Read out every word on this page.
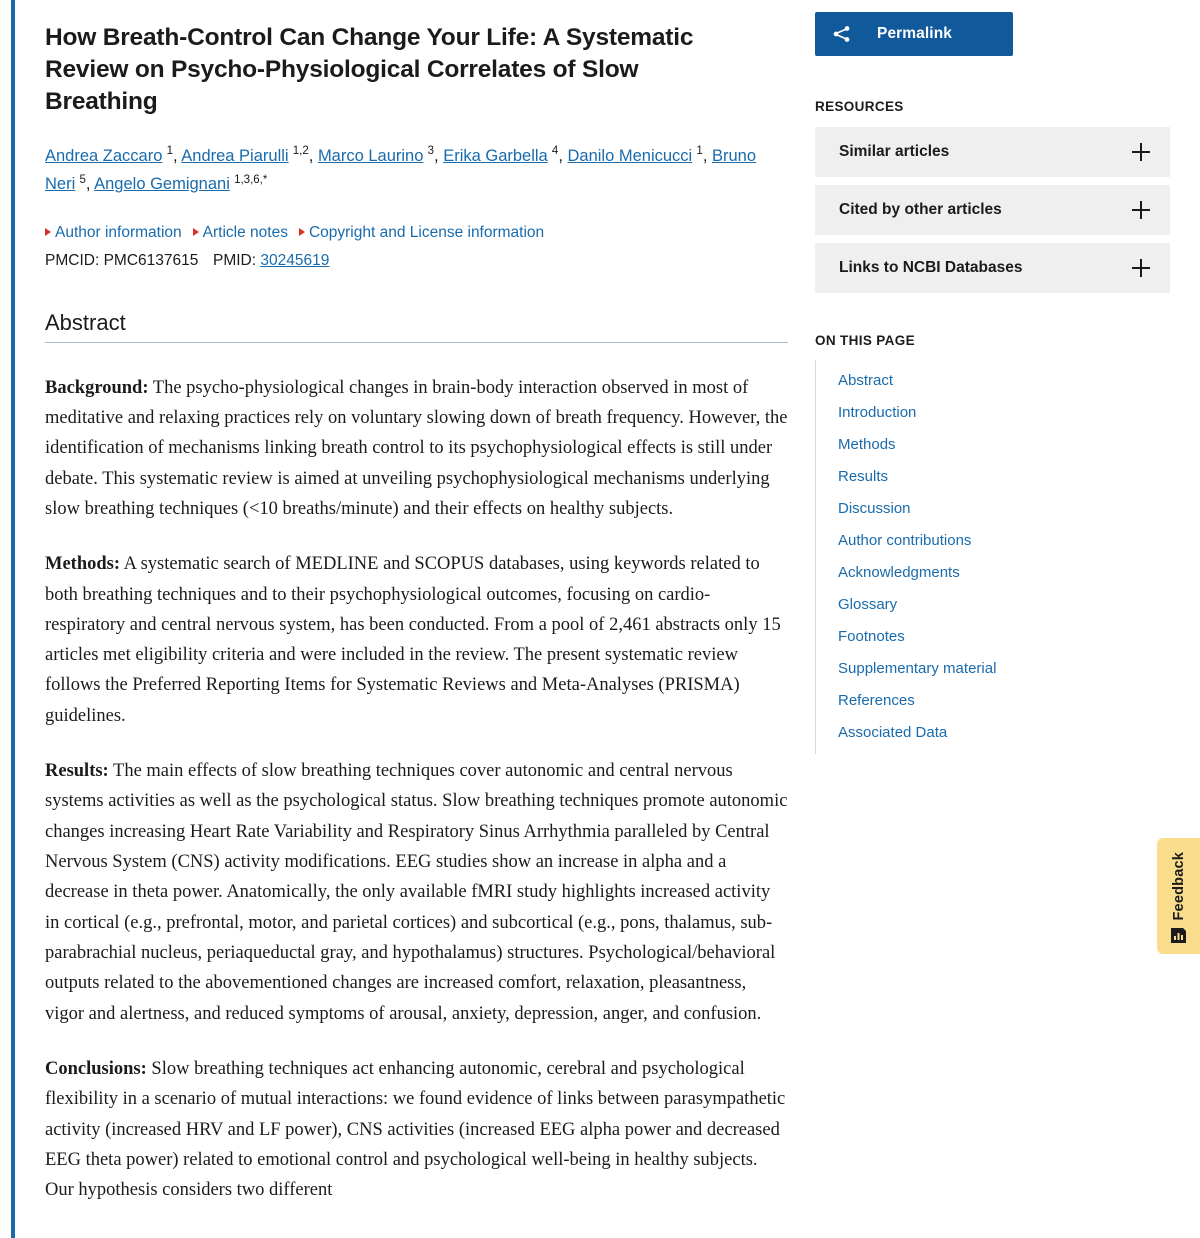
How Breath-Control Can Change Your Life: A Systematic Review on Psycho-Physiological Correlates of Slow Breathing
Andrea Zaccaro $^1$, Andrea Piarulli $^{1,2}$, Marco Laurino $^3$, Erika Garbella $^4$, Danilo Menicucci $^1$, Bruno Neri $^5$, Angelo Gemignani $^{1,3,6,*}$
Author information Article notes Copyright and License information
PMCID: PMC6137615 PMID: 30245619
Abstract

Background: The psycho-physiological changes in brain-body interaction observed in most of meditative and relaxing practices rely on voluntary slowing down of breath frequency. However, the identification of mechanisms linking breath control to its psychophysiological effects is still under debate. This systematic review is aimed at unveiling psychophysiological mechanisms underlying slow breathing techniques (<10 breaths/minute) and their effects on healthy subjects.

Methods: A systematic search of MEDLINE and SCOPUS databases, using keywords related to both breathing techniques and to their psychophysiological outcomes, focusing on cardio-respiratory and central nervous system, has been conducted. From a pool of 2,461 abstracts only 15 articles met eligibility criteria and were included in the review. The present systematic review follows the Preferred Reporting Items for Systematic Reviews and Meta-Analyses (PRISMA) guidelines.

Results: The main effects of slow breathing techniques cover autonomic and central nervous systems activities as well as the psychological status. Slow breathing techniques promote autonomic changes increasing Heart Rate Variability and Respiratory Sinus Arrhythmia paralleled by Central Nervous System (CNS) activity modifications. EEG studies show an increase in alpha and a decrease in theta power. Anatomically, the only available fMRI study highlights increased activity in cortical (e.g., prefrontal, motor, and parietal cortices) and subcortical (e.g., pons, thalamus, sub-parabrachial nucleus, periaqueductal gray, and hypothalamus) structures. Psychological/behavioral outputs related to the abovementioned changes are increased comfort, relaxation, pleasantness, vigor and alertness, and reduced symptoms of arousal, anxiety, depression, anger, and confusion.

Conclusions: Slow breathing techniques act enhancing autonomic, cerebral and psychological flexibility in a scenario of mutual interactions: we found evidence of links between parasympathetic activity (increased HRV and LF power), CNS activities (increased EEG alpha power and decreased EEG theta power) related to emotional control and psychological well-being in healthy subjects. Our hypothesis considers two different

Permalink
RESOURCES
Similar articles
Cited by other articles
Links to NCBI Databases
ON THIS PAGE
Abstract
Introduction
Methods
Results
Discussion
Author contributions
Acknowledgments
Glossary
Footnotes
Supplementary material
References
Associated Data
Feedback
